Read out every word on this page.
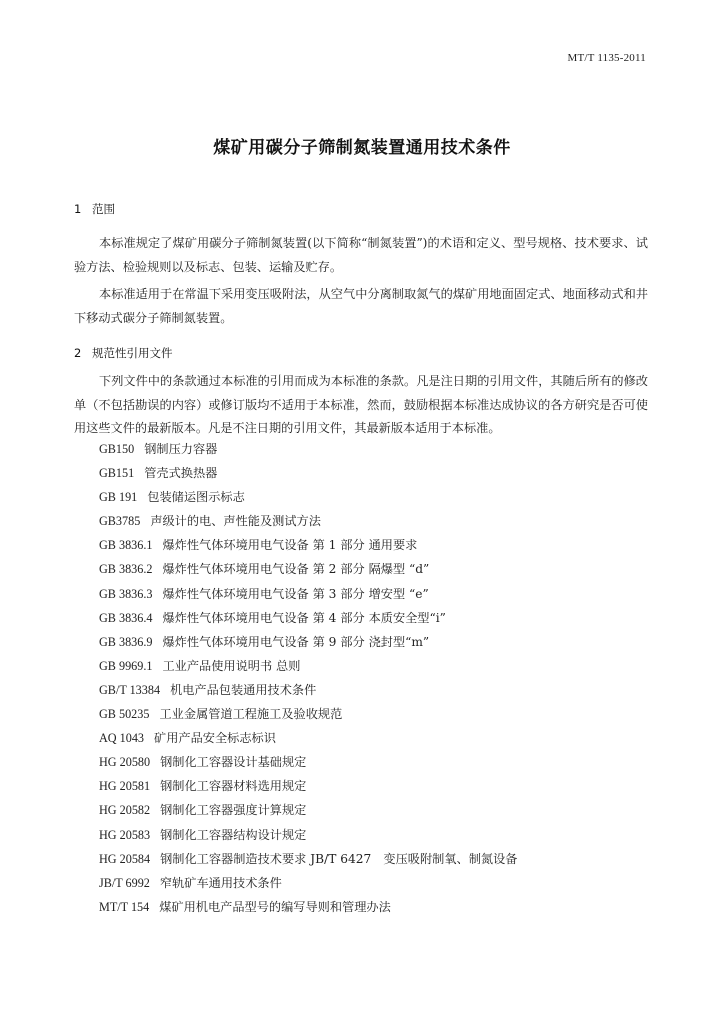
MT/T 1135-2011
煤矿用碳分子筛制氮装置通用技术条件
1 范围

本标准规定了煤矿用碳分子筛制氮装置(以下简称“制氮装置”)的术语和定义、型号规格、技术要求、试验方法、检验规则以及标志、包装、运输及贮存。

本标准适用于在常温下采用变压吸附法，从空气中分离制取氮气的煤矿用地面固定式、地面移动式和井下移动式碳分子筛制氮装置。

2 规范性引用文件

下列文件中的条款通过本标准的引用而成为本标准的条款。凡是注日期的引用文件，其随后所有的修改单（不包括勘误的内容）或修订版均不适用于本标准，然而，鼓励根据本标准达成协议的各方研究是否可使用这些文件的最新版本。凡是不注日期的引用文件，其最新版本适用于本标准。

GB150 钢制压力容器
GB151 管壳式换热器
GB 191 包装储运图示标志
GB3785 声级计的电、声性能及测试方法
GB 3836.1 爆炸性气体环境用电气设备 第 1 部分 通用要求
GB 3836.2 爆炸性气体环境用电气设备 第 2 部分 隔爆型 “d”
GB 3836.3 爆炸性气体环境用电气设备 第 3 部分 增安型 “e”
GB 3836.4 爆炸性气体环境用电气设备 第 4 部分 本质安全型“i”
GB 3836.9 爆炸性气体环境用电气设备 第 9 部分 浇封型“m”
GB 9969.1 工业产品使用说明书 总则
GB/T 13384 机电产品包装通用技术条件
GB 50235 工业金属管道工程施工及验收规范
AQ 1043 矿用产品安全标志标识
HG 20580 钢制化工容器设计基础规定
HG 20581 钢制化工容器材料选用规定
HG 20582 钢制化工容器强度计算规定
HG 20583 钢制化工容器结构设计规定
HG 20584 钢制化工容器制造技术要求 JB/T 6427　变压吸附制氧、制氮设备
JB/T 6992 窄轨矿车通用技术条件
MT/T 154 煤矿用机电产品型号的编写导则和管理办法
